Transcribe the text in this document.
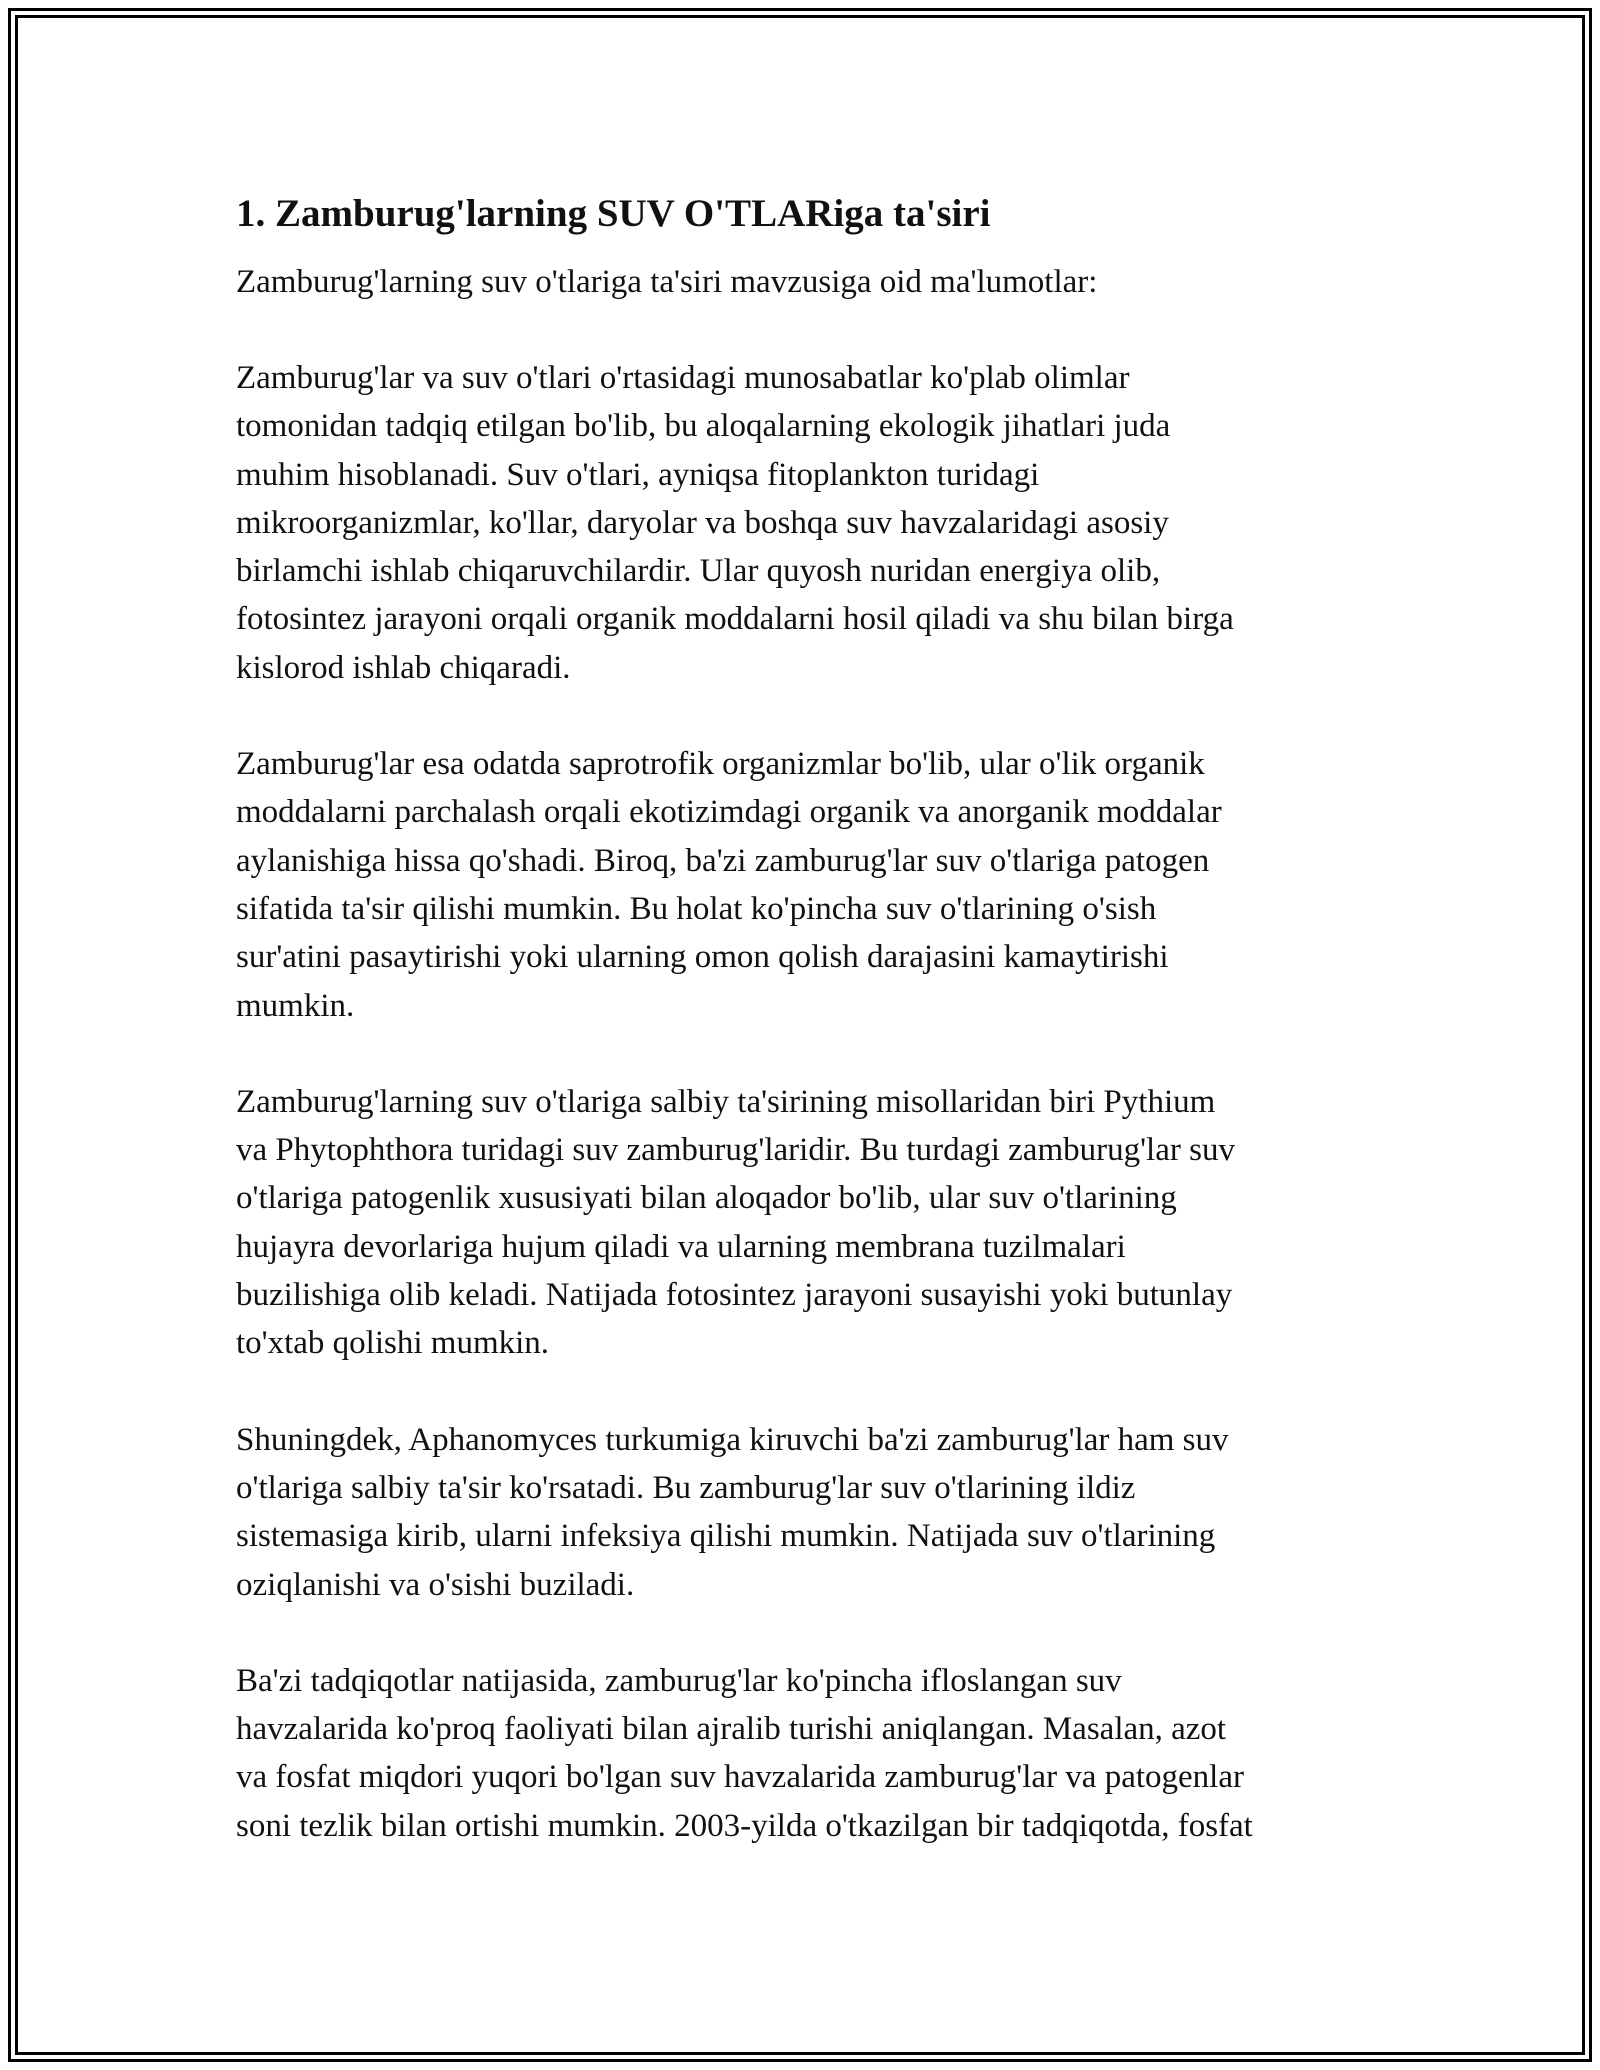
1. Zamburug'larning SUV O'TLARiga ta'siri

Zamburug'larning suv o'tlariga ta'siri mavzusiga oid ma'lumotlar:

Zamburug'lar va suv o'tlari o'rtasidagi munosabatlar ko'plab olimlar
tomonidan tadqiq etilgan bo'lib, bu aloqalarning ekologik jihatlari juda
muhim hisoblanadi. Suv o'tlari, ayniqsa fitoplankton turidagi
mikroorganizmlar, ko'llar, daryolar va boshqa suv havzalaridagi asosiy
birlamchi ishlab chiqaruvchilardir. Ular quyosh nuridan energiya olib,
fotosintez jarayoni orqali organik moddalarni hosil qiladi va shu bilan birga
kislorod ishlab chiqaradi.

Zamburug'lar esa odatda saprotrofik organizmlar bo'lib, ular o'lik organik
moddalarni parchalash orqali ekotizimdagi organik va anorganik moddalar
aylanishiga hissa qo'shadi. Biroq, ba'zi zamburug'lar suv o'tlariga patogen
sifatida ta'sir qilishi mumkin. Bu holat ko'pincha suv o'tlarining o'sish
sur'atini pasaytirishi yoki ularning omon qolish darajasini kamaytirishi
mumkin.

Zamburug'larning suv o'tlariga salbiy ta'sirining misollaridan biri Pythium
va Phytophthora turidagi suv zamburug'laridir. Bu turdagi zamburug'lar suv
o'tlariga patogenlik xususiyati bilan aloqador bo'lib, ular suv o'tlarining
hujayra devorlariga hujum qiladi va ularning membrana tuzilmalari
buzilishiga olib keladi. Natijada fotosintez jarayoni susayishi yoki butunlay
to'xtab qolishi mumkin.

Shuningdek, Aphanomyces turkumiga kiruvchi ba'zi zamburug'lar ham suv
o'tlariga salbiy ta'sir ko'rsatadi. Bu zamburug'lar suv o'tlarining ildiz
sistemasiga kirib, ularni infeksiya qilishi mumkin. Natijada suv o'tlarining
oziqlanishi va o'sishi buziladi.

Ba'zi tadqiqotlar natijasida, zamburug'lar ko'pincha ifloslangan suv
havzalarida ko'proq faoliyati bilan ajralib turishi aniqlangan. Masalan, azot
va fosfat miqdori yuqori bo'lgan suv havzalarida zamburug'lar va patogenlar
soni tezlik bilan ortishi mumkin. 2003-yilda o'tkazilgan bir tadqiqotda, fosfat
